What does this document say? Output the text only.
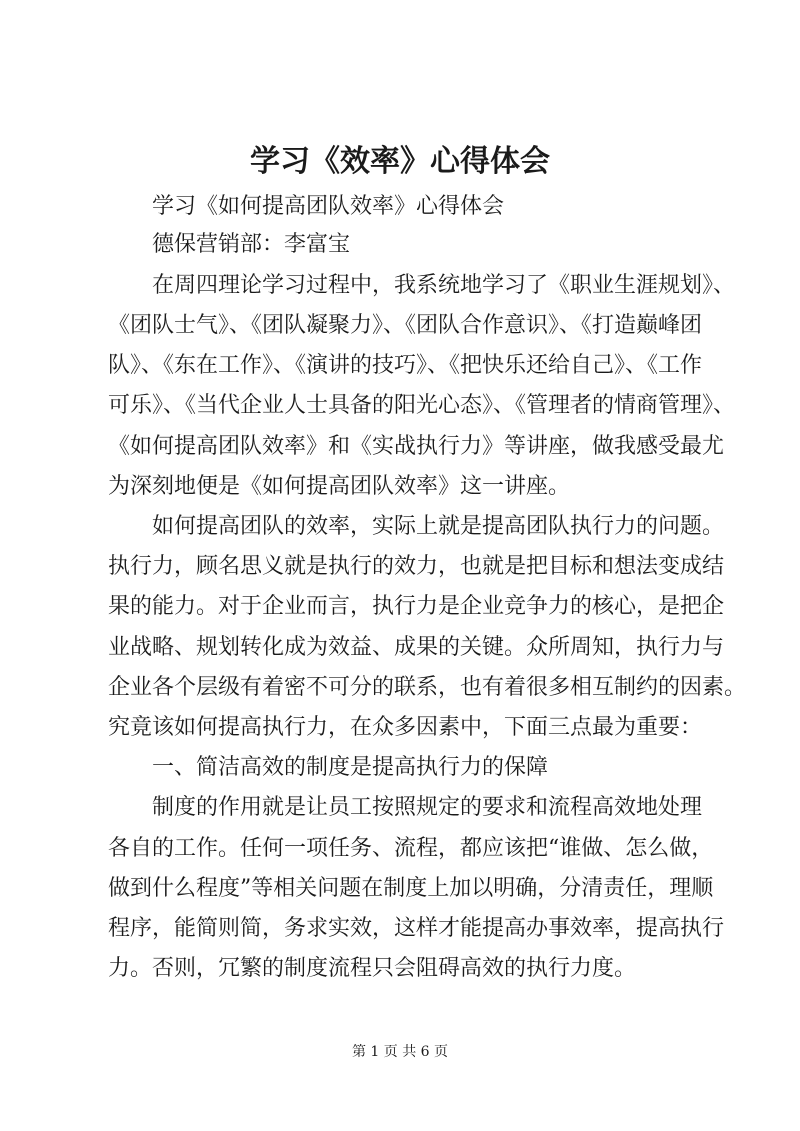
学习《效率》心得体会
学习《如何提高团队效率》心得体会
德保营销部：李富宝
在周四理论学习过程中，我系统地学习了《职业生涯规划》、
《团队士气》、《团队凝聚力》、《团队合作意识》、《打造巅峰团
队》、《东在工作》、《演讲的技巧》、《把快乐还给自己》、《工作
可乐》、《当代企业人士具备的阳光心态》、《管理者的情商管理》、
《如何提高团队效率》和《实战执行力》等讲座，做我感受最尤
为深刻地便是《如何提高团队效率》这一讲座。
如何提高团队的效率，实际上就是提高团队执行力的问题。
执行力，顾名思义就是执行的效力，也就是把目标和想法变成结
果的能力。对于企业而言，执行力是企业竞争力的核心，是把企
业战略、规划转化成为效益、成果的关键。众所周知，执行力与
企业各个层级有着密不可分的联系，也有着很多相互制约的因素。
究竟该如何提高执行力，在众多因素中，下面三点最为重要：
一、简洁高效的制度是提高执行力的保障
制度的作用就是让员工按照规定的要求和流程高效地处理
各自的工作。任何一项任务、流程，都应该把“谁做、怎么做，
做到什么程度”等相关问题在制度上加以明确，分清责任，理顺
程序，能简则简，务求实效，这样才能提高办事效率，提高执行
力。否则，冗繁的制度流程只会阻碍高效的执行力度。
第 1 页 共 6 页
